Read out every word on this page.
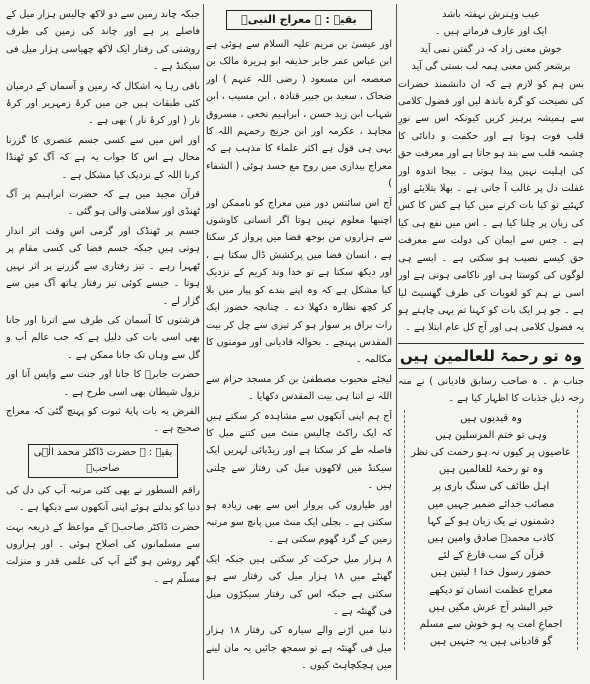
عیب وہنرش نہفتہ باشد
ایک اور عارف فرماتے ہیں ۔
خوش معنی زاد کہ در گفتن نمی آید
برشعر کس معنی ہمہ لب بستی گی آید

بس ہم کو لازم ہے کہ ان دانشمند حضرات کی نصیحت کو گرہ باندھ لیں اور فضول کلامی سے ہمیشہ پرہیز کریں کیونکہ اس سے نورِ قلب فوت ہوتا ہے اور حکمت و دانائی کا چشمہ قلب سے بند ہو جاتا ہے اور معرفت حق کی اہلیت نہیں پیدا ہوتی ۔ بیجا اندوہ اور غفلت دل پر غالب آ جاتی ہے ۔ بھلا بتلایئے اور کہئیے تو کیا بات کرنے میں کیا ہے کس کا کس کی زبان پر چلنا کیا ہے ۔ اس میں نفع ہی کیا ہے ۔ جس سے ایمان کی دولت سے معرفت حق کیسے نصیب ہو سکتی ہے ۔ ایسے ہی لوگوں کی کوستا ہی اور ناکامی ہوتی ہے اور اسی نے ہم کو لغویات کی طرف گھسیٹ لیا ہے ۔ جو ہر ایک بات کو کہنا تم یہی چاہتے ہو یہ فضول کلامی ہی اور آج کل عام ابتلا ہے ۔

وہ تو رحمۃ للعالمین ہیں

جناب م ۔ ہ صاحب رسابق قادیانی ) نے منہ رجہ ذیل جذبات کا اظہار کیا ہے ۔

وہ قیدیوں ہیں
وہی تو ختم المرسلین ہیں
عاصیوں پر کیوں نہ ہو رحمت کی نظر
وہ تو رحمۃ للعالمین ہیں
اہل طائف کی سنگ باری پر
مصائب خدائے ضمیر جہیں میں
دشمنوں نے یک زبان ہو کے کہا
کاذب محمدؐ صادق وامین ہیں
قرآن کے سب فارغ کے لئے
حضور رسول خدا ! لیتین ہیں
معراج عظمت انسان تو دیکھے
خیر البشر آج عرش مکیں ہیں
اجماعِ امت پہ ہو خوش سے مسلم
گو قادیانی ہیں یہ جنہیں ہیں
بقیہ : ۔ معراج النبیؐ

اور عیسیٰ بن مریم علیہ السلام سے ہوئی ہے ابن عباس عمر جابر حذیفہ ابو ہریرہ مالک بن صعصعہ ابن مسعود ( رضی اللہ عنہم ) اور ضحاک ، سعید بن جبیر قتادہ ، ابن مسیب ، ابن شہاب ابن زید حسن ، ابراہیم نخعی ، مسروق مجاہد ، عکرمہ اور ابن جریج رحمہم اللہ کا یہی ہی قول ہے اکثر علماء کا مذہب ہے کہ معراج بیداری میں روح مع جسد ہوئی ( الشفاء )

آج اس سائنس دور میں معراج کو ناممکن اور اچنبھا معلوم نہیں ہوتا اگر انسانی کاوشوں سے ہزاروں من بوجھ فضا میں پرواز کر سکتا ہے ، انسان فضا میں پرکشش ڈال سکتا ہے ، اور دیکھ سکتا ہے تو خدا وند کریم کے نزدیک کیا مشکل ہے کہ وہ اپنے بندے کو پیار میں بلا کر کچھ نظارہ دکھلا دے ۔ چنانچہ حضور ایک رات براق پر سوار ہو کر تیزی سے چل کر بیت المقدس پہنچے ۔ بحوالہ قادیانی اور مومنوں کا مکالمہ ۔

لیجئے محبوب مصطفیٰ بن کر مسجد حرام سے اللہ نے اتنا ہی بیت المقدس دکھایا ۔

آج ہم اپنی آنکھوں سے مشاہدہ کر سکتے ہیں کہ ایک راکٹ چالیس منٹ میں کتنے میل کا فاصلہ طے کر سکتا ہے اور ریڈیائی لہریں ایک سیکنڈ میں لاکھوں میل کی رفتار سے چلتی ہیں ۔

اور طیاروں کی پرواز اس سے بھی زیادہ ہو سکتی ہے ۔ بجلی ایک منٹ میں پانچ سو مرتبہ زمین کے گرد گھوم سکتی ہے ۔

۸ ہزار میل حرکت کر سکتی ہیں جبکہ ایک گھنٹے میں ۱۸ ہزار میل کی رفتار سے ہو سکتی ہے جبکہ اس کی رفتار سیکڑوں میل فی گھنٹہ ہے ۔

دنیا میں اڑنے والے سیارہ کی رفتار ۱۸ ہزار میل فی گھنٹہ ہے تو سمجھ جائیں یہ مان لینے میں ہچکچاہٹ کیوں ۔

جبکہ چاند زمین سے دو لاکھ چالیس ہزار میل کے فاصلے پر ہے اور چاند کی زمین کی طرف روشنی کی رفتار ایک لاکھ چھیاسی ہزار میل فی سیکنڈ ہے ۔

باقی رہا یہ اشکال کہ زمین و آسمان کے درمیان کئی طبقات ہیں جن میں کرۂ زمہریر اور کرۂ نار ( اور کرۂ نار ) بھی ہے ۔

اور اس میں سے کسی جسم عنصری کا گزرنا محال ہے اس کا جواب یہ ہے کہ آگ کو ٹھنڈا کرنا اللہ کے نزدیک کیا مشکل ہے ۔

قرآن مجید میں ہے کہ حضرت ابراہیم پر آگ ٹھنڈی اور سلامتی والی ہو گئی ۔

جسم پر ٹھنڈک اور گرمی اس وقت اثر انداز ہوتی ہیں جبکہ جسم فضا کی کسی مقام پر ٹھہرا رہے ۔ تیز رفتاری سے گزرنے پر اثر نہیں ہوتا ۔ جیسے کوئی تیز رفتار ہاتھ آگ میں سے گزار لے ۔

فرشتوں کا آسمان کی طرف سے اترنا اور جانا بھی اسی بات کی دلیل ہے کہ جب عالم آب و گل سے وہاں تک جانا ممکن ہے ۔

حضرت جابرؓ کا جانا اور جنت سے واپس آنا اور نزول شیطان بھی اسی طرح ہے ۔

الفرض یہ بات پایۂ ثبوت کو پہنچ گئی کہ معراج صحیح ہے ۔

بقیہ : ۔ حضرت ڈاکٹر محمد الٰہی صاحبؒ

راقم السطور نے بھی کئی مرتبہ آپ کی دل کی دنیا کو بدلتے ہوئے اپنی آنکھوں سے دیکھا ہے ۔

حضرت ڈاکٹر صاحبؒ کے مواعظ کے ذریعہ بہت سے مسلمانوں کی اصلاح ہوئی ۔ اور ہزاروں گھر روشن ہو گئے آپ کی علمی قدر و منزلت مسلّم ہے ۔
